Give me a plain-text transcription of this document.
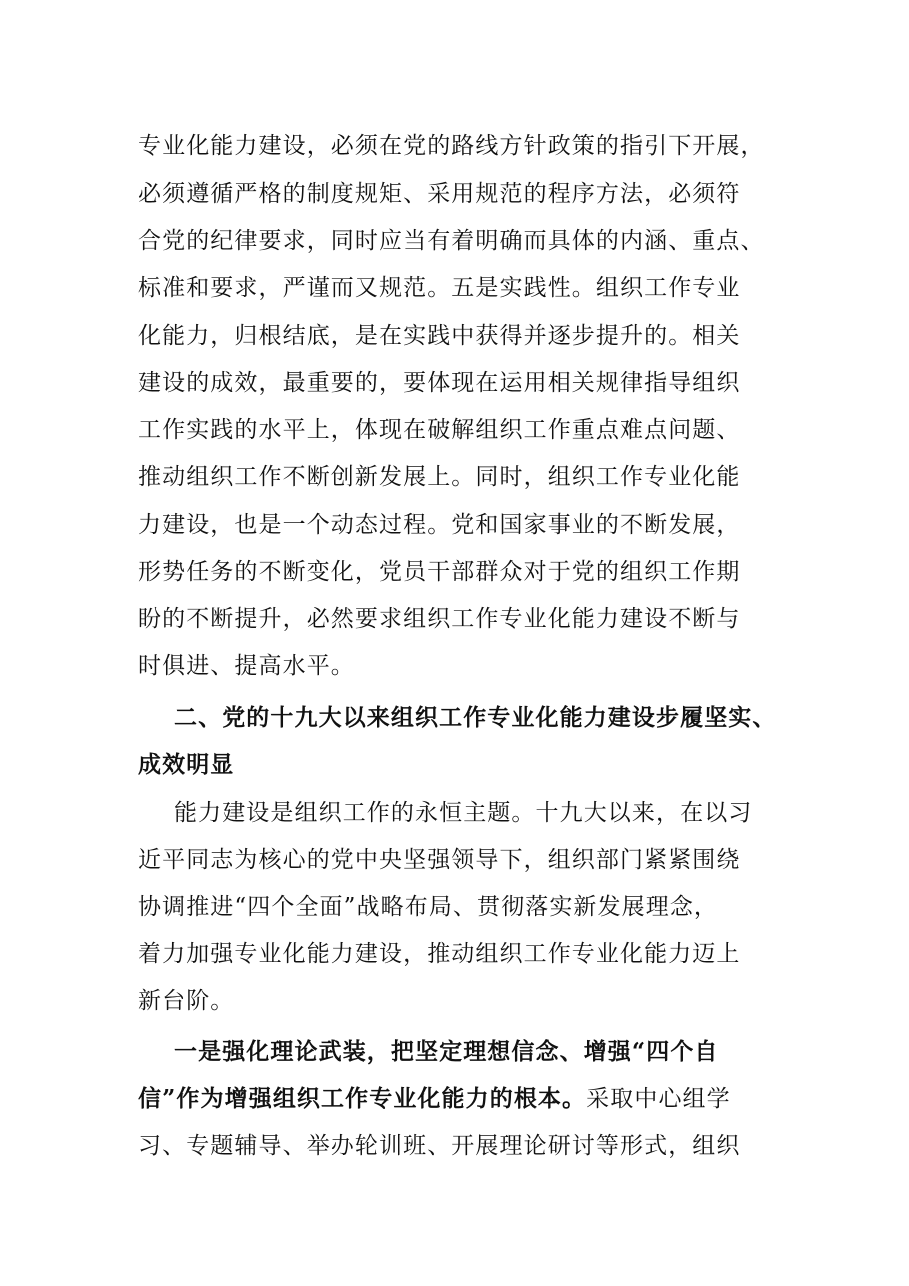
专业化能力建设，必须在党的路线方针政策的指引下开展，
必须遵循严格的制度规矩、采用规范的程序方法，必须符
合党的纪律要求，同时应当有着明确而具体的内涵、重点、
标准和要求，严谨而又规范。五是实践性。组织工作专业
化能力，归根结底，是在实践中获得并逐步提升的。相关
建设的成效，最重要的，要体现在运用相关规律指导组织
工作实践的水平上，体现在破解组织工作重点难点问题、
推动组织工作不断创新发展上。同时，组织工作专业化能
力建设，也是一个动态过程。党和国家事业的不断发展，
形势任务的不断变化，党员干部群众对于党的组织工作期
盼的不断提升，必然要求组织工作专业化能力建设不断与
时俱进、提高水平。
二、党的十九大以来组织工作专业化能力建设步履坚实、
成效明显
能力建设是组织工作的永恒主题。十九大以来，在以习
近平同志为核心的党中央坚强领导下，组织部门紧紧围绕
协调推进“四个全面”战略布局、贯彻落实新发展理念，
着力加强专业化能力建设，推动组织工作专业化能力迈上
新台阶。
一是强化理论武装，把坚定理想信念、增强“四个自
信”作为增强组织工作专业化能力的根本。采取中心组学
习、专题辅导、举办轮训班、开展理论研讨等形式，组织
